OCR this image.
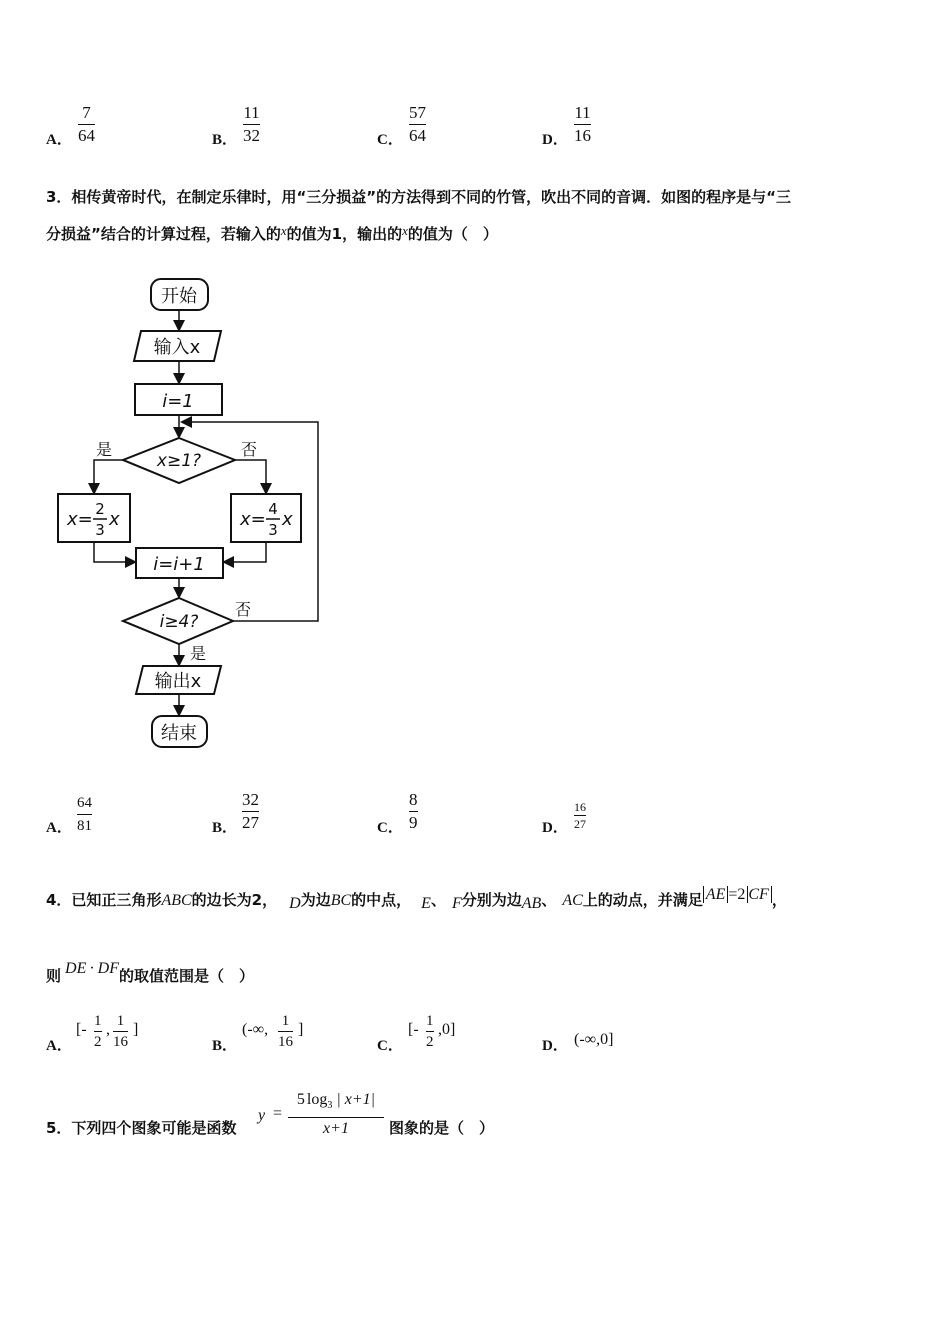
A．
7
64	B．
11
32	C．
57
64	D．
11
16
3．相传黄帝时代，在制定乐律时，用“三分损益”的方法得到不同的竹管，吹出不同的音调．如图的程序是与“三
分损益”结合的计算过程，若输入的x的值为1，输出的x的值为（　）
开始
输入x
i=1
x≥1?
是	否
x= 2
3 x	x= 4
3 x
i=i+1
i≥4?
否
是
输出x
结束
A．
64
81	B．
32
27	C．
8
9	D．
16
27
4．已知正三角形ABC的边长为2， D为边BC的中点， E、 F分别为边AB、 AC上的动点，并满足 AE =2 CF ，
则 DE · DF的取值范围是（　）
A．
[- 1
2
, 1
16
]
B．
(-∞, 1
16
]
C．
[- 1
2
,0]
D． (-∞,0]
5．下列四个图象可能是函数
y =
5 $\log_3$ | x+1|
x+1	图象的是（　）
